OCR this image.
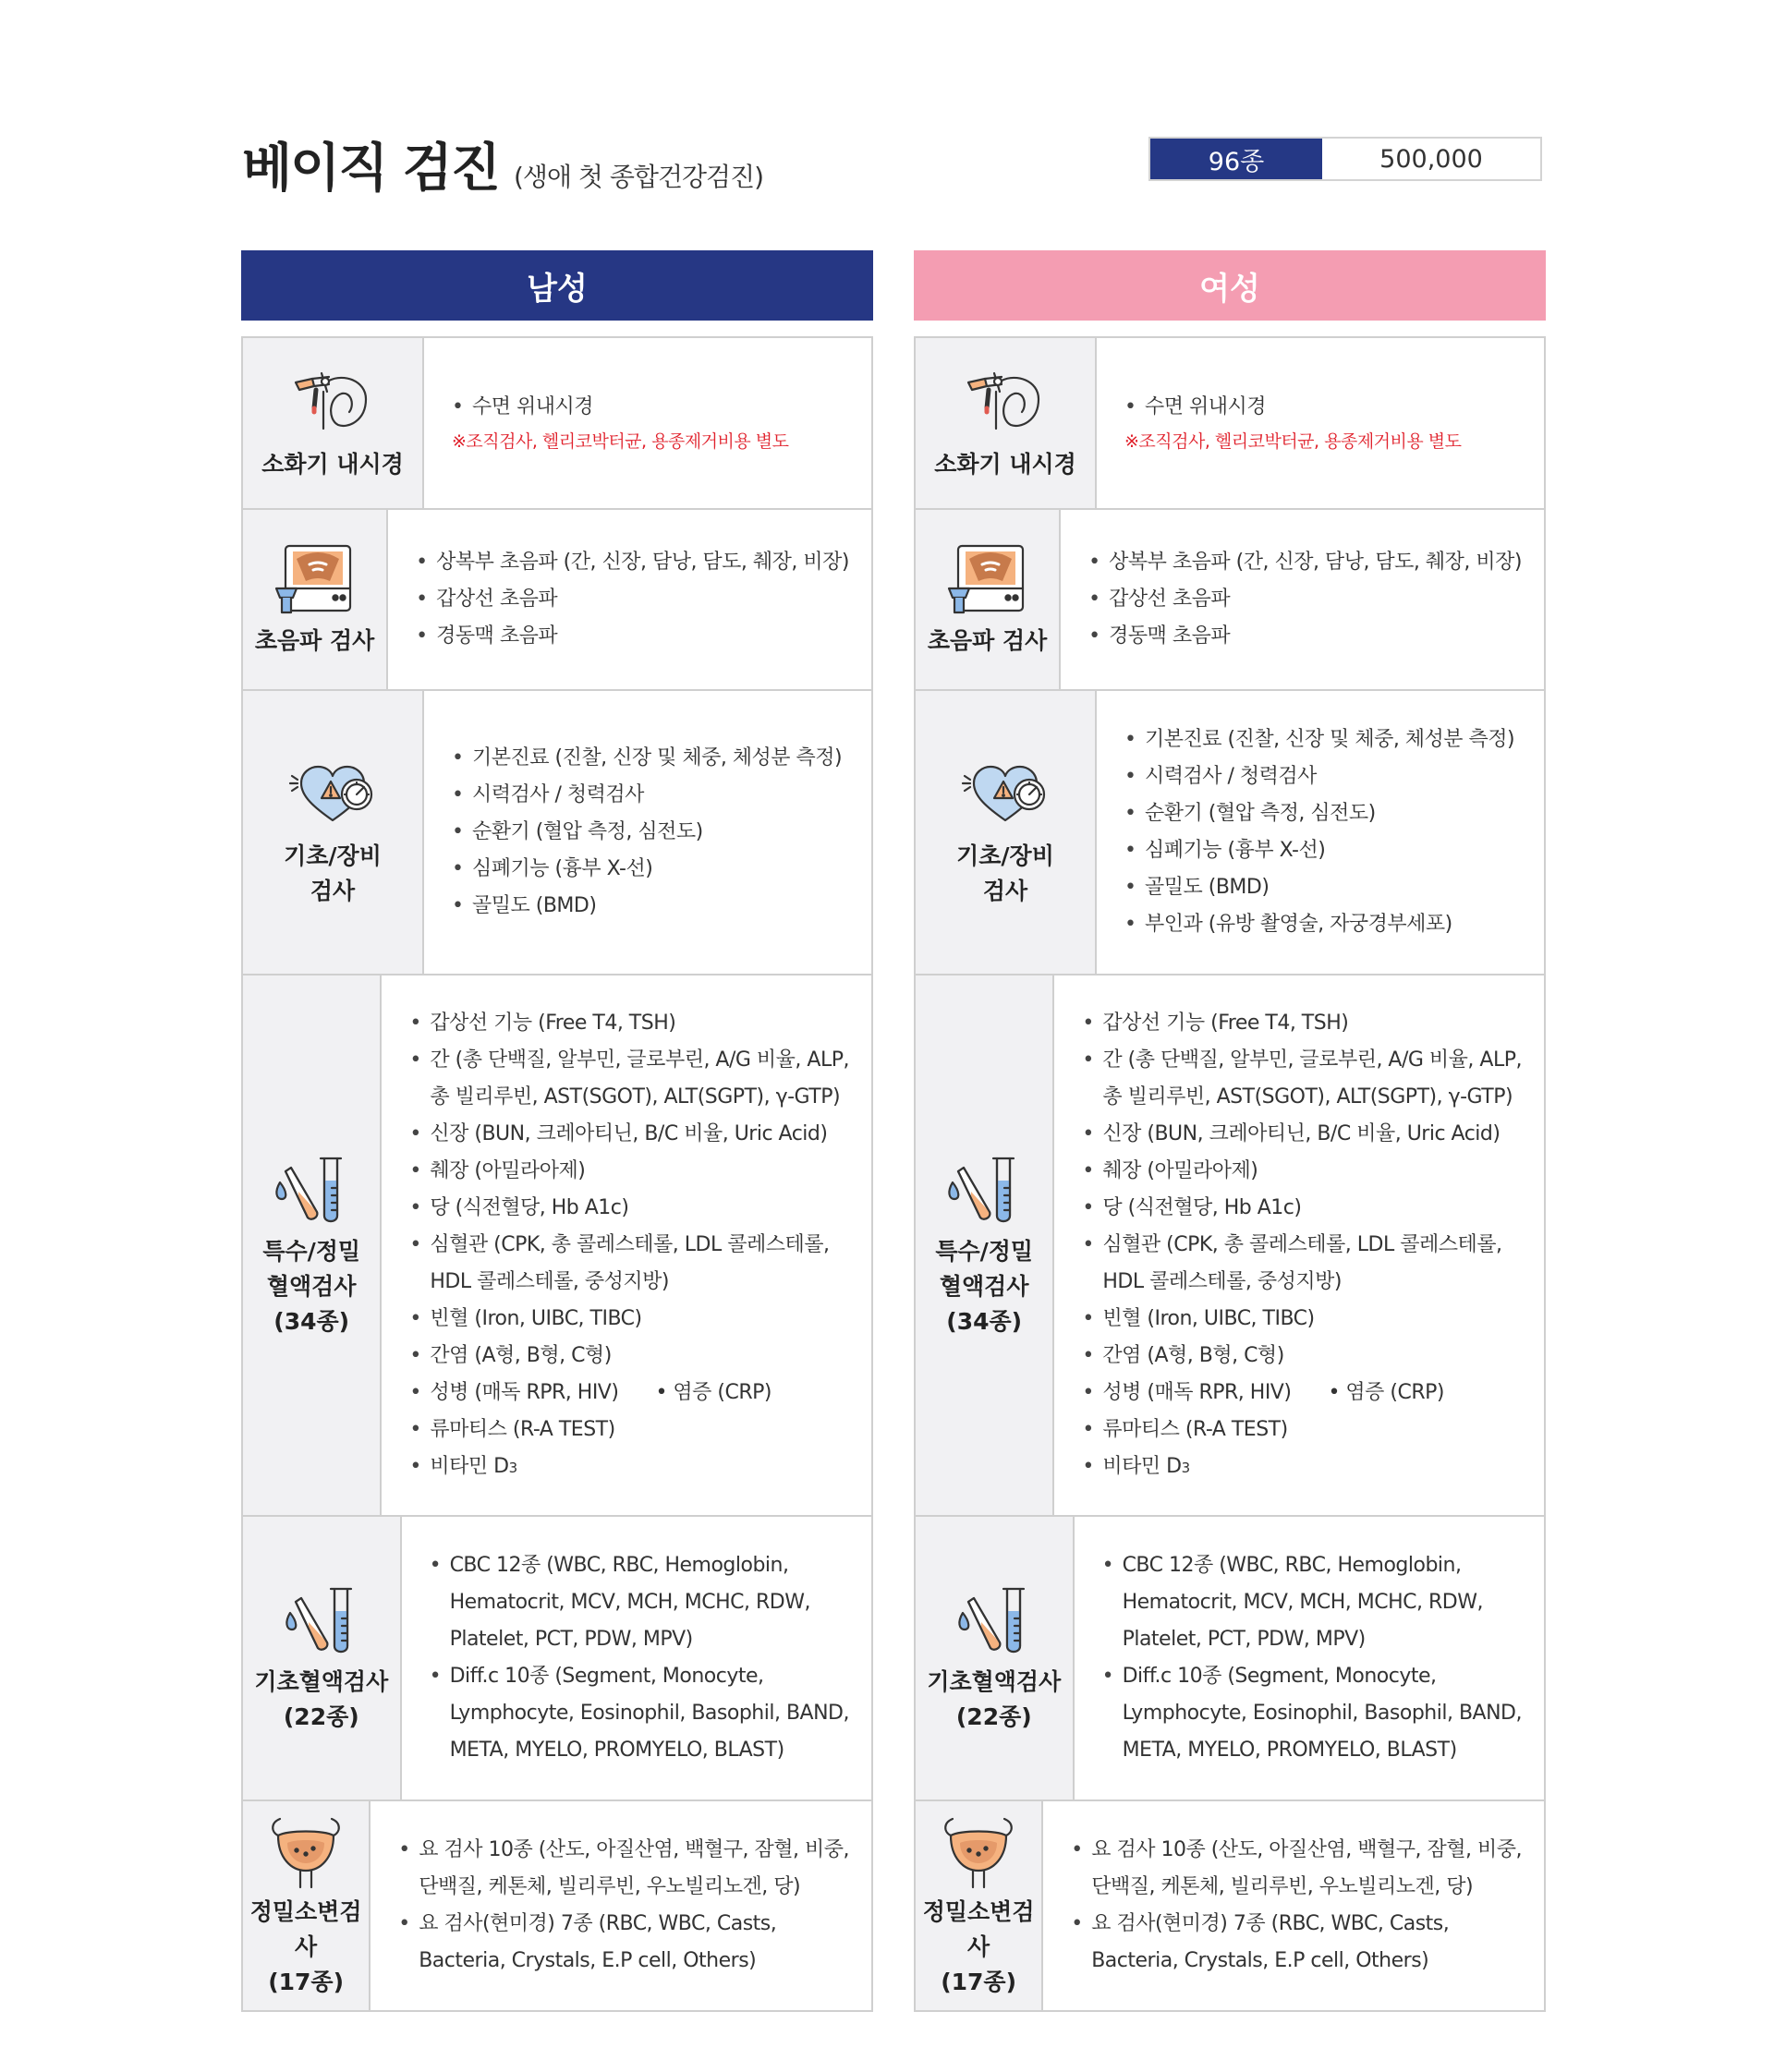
베이직 검진 (생애 첫 종합건강검진)	96종	500,000
남성
소화기 내시경
• 수면 위내시경
※조직검사, 헬리코박터균, 용종제거비용 별도
초음파 검사
• 상복부 초음파 (간, 신장, 담낭, 담도, 췌장, 비장)
• 갑상선 초음파
• 경동맥 초음파
기초/장비
검사
• 기본진료 (진찰, 신장 및 체중, 체성분 측정)
• 시력검사 / 청력검사
• 순환기 (혈압 측정, 심전도)
• 심폐기능 (흉부 X-선)
• 골밀도 (BMD)
특수/정밀
혈액검사
(34종)
• 갑상선 기능 (Free T4, TSH)
• 간 (총 단백질, 알부민, 글로부린, A/G 비율, ALP,
총 빌리루빈, AST(SGOT), ALT(SGPT), γ-GTP)
• 신장 (BUN, 크레아티닌, B/C 비율, Uric Acid)
• 췌장 (아밀라아제)
• 당 (식전혈당, Hb A1c)
• 심혈관 (CPK, 총 콜레스테롤, LDL 콜레스테롤,
HDL 콜레스테롤, 중성지방)
• 빈혈 (Iron, UIBC, TIBC)
• 간염 (A형, B형, C형)
• 성병 (매독 RPR, HIV) • 염증 (CRP)
• 류마티스 (R-A TEST)
• 비타민 D3
기초혈액검사
(22종)
• CBC 12종 (WBC, RBC, Hemoglobin,
Hematocrit, MCV, MCH, MCHC, RDW,
Platelet, PCT, PDW, MPV)
• Diff.c 10종 (Segment, Monocyte,
Lymphocyte, Eosinophil, Basophil, BAND,
META, MYELO, PROMYELO, BLAST)
정밀소변검사
(17종)
• 요 검사 10종 (산도, 아질산염, 백혈구, 잠혈, 비중,
단백질, 케톤체, 빌리루빈, 우노빌리노겐, 당)
• 요 검사(현미경) 7종 (RBC, WBC, Casts,
Bacteria, Crystals, E.P cell, Others)
여성
소화기 내시경
• 수면 위내시경
※조직검사, 헬리코박터균, 용종제거비용 별도
초음파 검사
• 상복부 초음파 (간, 신장, 담낭, 담도, 췌장, 비장)
• 갑상선 초음파
• 경동맥 초음파
기초/장비
검사
• 기본진료 (진찰, 신장 및 체중, 체성분 측정)
• 시력검사 / 청력검사
• 순환기 (혈압 측정, 심전도)
• 심폐기능 (흉부 X-선)
• 골밀도 (BMD)
• 부인과 (유방 촬영술, 자궁경부세포)
특수/정밀
혈액검사
(34종)
• 갑상선 기능 (Free T4, TSH)
• 간 (총 단백질, 알부민, 글로부린, A/G 비율, ALP,
총 빌리루빈, AST(SGOT), ALT(SGPT), γ-GTP)
• 신장 (BUN, 크레아티닌, B/C 비율, Uric Acid)
• 췌장 (아밀라아제)
• 당 (식전혈당, Hb A1c)
• 심혈관 (CPK, 총 콜레스테롤, LDL 콜레스테롤,
HDL 콜레스테롤, 중성지방)
• 빈혈 (Iron, UIBC, TIBC)
• 간염 (A형, B형, C형)
• 성병 (매독 RPR, HIV) • 염증 (CRP)
• 류마티스 (R-A TEST)
• 비타민 D3
기초혈액검사
(22종)
• CBC 12종 (WBC, RBC, Hemoglobin,
Hematocrit, MCV, MCH, MCHC, RDW,
Platelet, PCT, PDW, MPV)
• Diff.c 10종 (Segment, Monocyte,
Lymphocyte, Eosinophil, Basophil, BAND,
META, MYELO, PROMYELO, BLAST)
정밀소변검사
(17종)
• 요 검사 10종 (산도, 아질산염, 백혈구, 잠혈, 비중,
단백질, 케톤체, 빌리루빈, 우노빌리노겐, 당)
• 요 검사(현미경) 7종 (RBC, WBC, Casts,
Bacteria, Crystals, E.P cell, Others)
